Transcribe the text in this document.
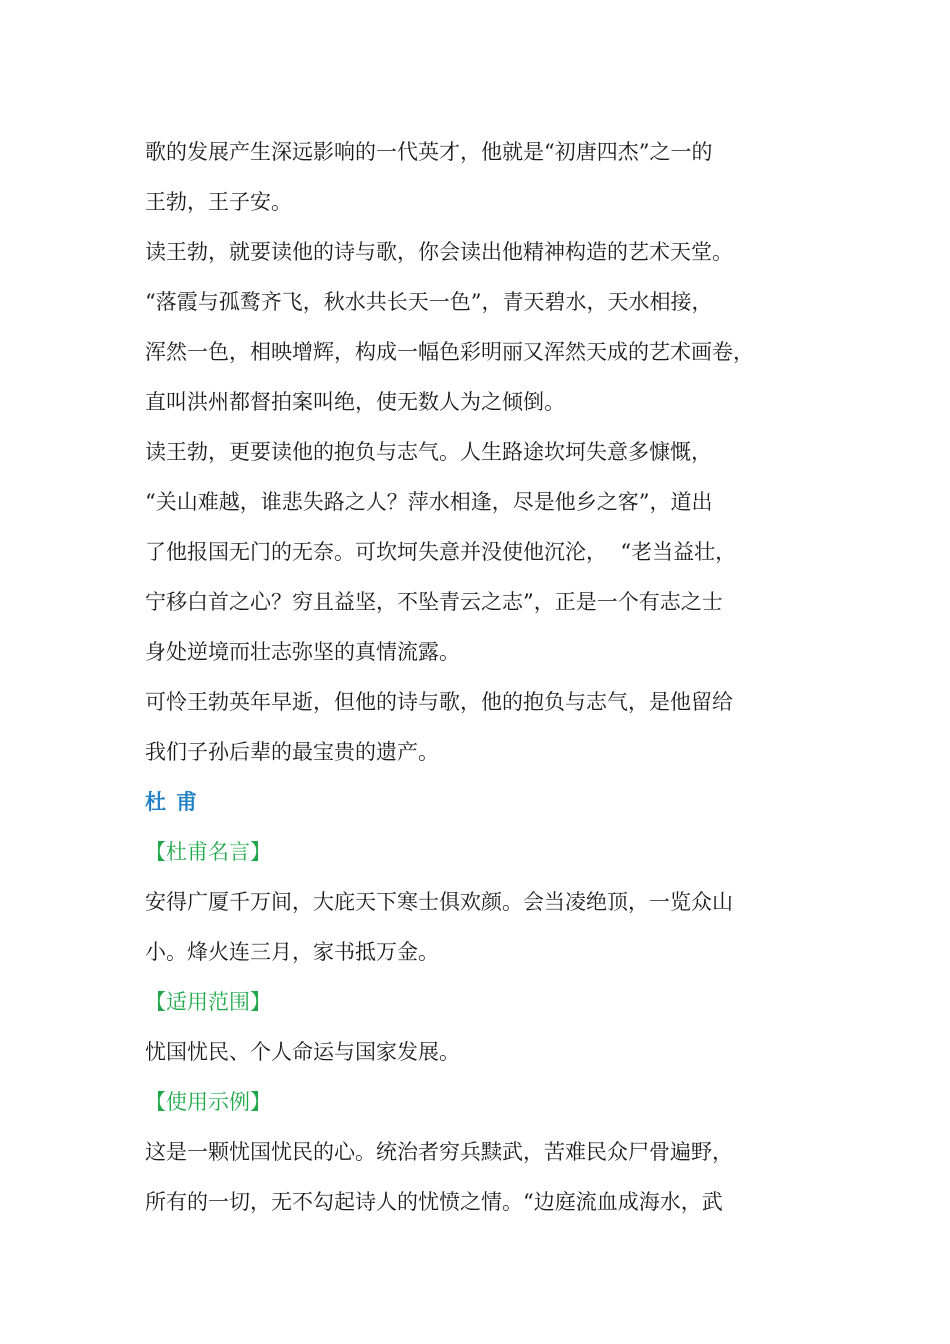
歌的发展产生深远影响的一代英才，他就是“初唐四杰”之一的
王勃，王子安。
读王勃，就要读他的诗与歌，你会读出他精神构造的艺术天堂。
“落霞与孤鹜齐飞，秋水共长天一色”，青天碧水，天水相接，
浑然一色，相映增辉，构成一幅色彩明丽又浑然天成的艺术画卷，
直叫洪州都督拍案叫绝，使无数人为之倾倒。
读王勃，更要读他的抱负与志气。人生路途坎坷失意多慷慨，
“关山难越，谁悲失路之人？萍水相逢，尽是他乡之客”，道出
了他报国无门的无奈。可坎坷失意并没使他沉沦，  “老当益壮，
宁移白首之心？穷且益坚，不坠青云之志”，正是一个有志之士
身处逆境而壮志弥坚的真情流露。
可怜王勃英年早逝，但他的诗与歌，他的抱负与志气，是他留给
我们子孙后辈的最宝贵的遗产。
杜甫
【杜甫名言】
安得广厦千万间，大庇天下寒士俱欢颜。会当凌绝顶，一览众山
小。烽火连三月，家书抵万金。
【适用范围】
忧国忧民、个人命运与国家发展。
【使用示例】
这是一颗忧国忧民的心。统治者穷兵黩武，苦难民众尸骨遍野，
所有的一切，无不勾起诗人的忧愤之情。“边庭流血成海水，武
